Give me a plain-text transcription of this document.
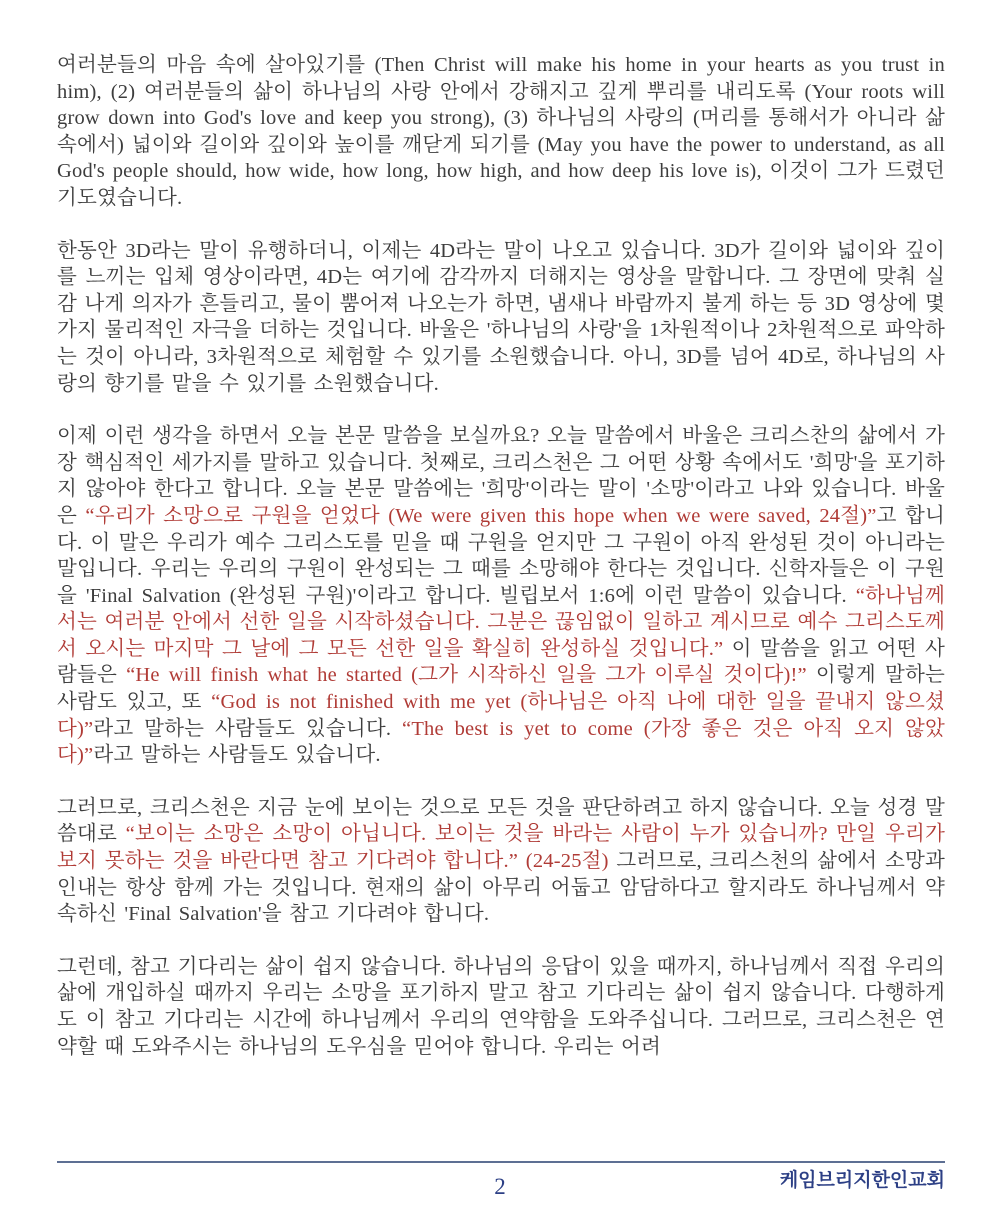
여러분들의 마음 속에 살아있기를 (Then Christ will make his home in your hearts as you trust in him), (2) 여러분들의 삶이 하나님의 사랑 안에서 강해지고 깊게 뿌리를 내리도록 (Your roots will grow down into God's love and keep you strong), (3) 하나님의 사랑의 (머리를 통해서가 아니라 삶 속에서) 넓이와 길이와 깊이와 높이를 깨닫게 되기를 (May you have the power to understand, as all God's people should, how wide, how long, how high, and how deep his love is), 이것이 그가 드렸던 기도였습니다.

한동안 3D라는 말이 유행하더니, 이제는 4D라는 말이 나오고 있습니다. 3D가 길이와 넓이와 깊이를 느끼는 입체 영상이라면, 4D는 여기에 감각까지 더해지는 영상을 말합니다. 그 장면에 맞춰 실감 나게 의자가 흔들리고, 물이 뿜어져 나오는가 하면, 냄새나 바람까지 불게 하는 등 3D 영상에 몇 가지 물리적인 자극을 더하는 것입니다. 바울은 '하나님의 사랑'을 1차원적이나 2차원적으로 파악하는 것이 아니라, 3차원적으로 체험할 수 있기를 소원했습니다. 아니, 3D를 넘어 4D로, 하나님의 사랑의 향기를 맡을 수 있기를 소원했습니다.

이제 이런 생각을 하면서 오늘 본문 말씀을 보실까요? 오늘 말씀에서 바울은 크리스찬의 삶에서 가장 핵심적인 세가지를 말하고 있습니다. 첫째로, 크리스천은 그 어떤 상황 속에서도 '희망'을 포기하지 않아야 한다고 합니다. 오늘 본문 말씀에는 '희망'이라는 말이 '소망'이라고 나와 있습니다. 바울은 “우리가 소망으로 구원을 얻었다 (We were given this hope when we were saved, 24절)”고 합니다. 이 말은 우리가 예수 그리스도를 믿을 때 구원을 얻지만 그 구원이 아직 완성된 것이 아니라는 말입니다. 우리는 우리의 구원이 완성되는 그 때를 소망해야 한다는 것입니다. 신학자들은 이 구원을 'Final Salvation (완성된 구원)'이라고 합니다. 빌립보서 1:6에 이런 말씀이 있습니다. “하나님께서는 여러분 안에서 선한 일을 시작하셨습니다. 그분은 끊임없이 일하고 계시므로 예수 그리스도께서 오시는 마지막 그 날에 그 모든 선한 일을 확실히 완성하실 것입니다.” 이 말씀을 읽고 어떤 사람들은 “He will finish what he started (그가 시작하신 일을 그가 이루실 것이다)!” 이렇게 말하는 사람도 있고, 또 “God is not finished with me yet (하나님은 아직 나에 대한 일을 끝내지 않으셨다)”라고 말하는 사람들도 있습니다. “The best is yet to come (가장 좋은 것은 아직 오지 않았다)”라고 말하는 사람들도 있습니다.

그러므로, 크리스천은 지금 눈에 보이는 것으로 모든 것을 판단하려고 하지 않습니다. 오늘 성경 말씀대로 “보이는 소망은 소망이 아닙니다. 보이는 것을 바라는 사람이 누가 있습니까? 만일 우리가 보지 못하는 것을 바란다면 참고 기다려야 합니다.” (24-25절) 그러므로, 크리스천의 삶에서 소망과 인내는 항상 함께 가는 것입니다. 현재의 삶이 아무리 어둡고 암담하다고 할지라도 하나님께서 약속하신 'Final Salvation'을 참고 기다려야 합니다.

그런데, 참고 기다리는 삶이 쉽지 않습니다. 하나님의 응답이 있을 때까지, 하나님께서 직접 우리의 삶에 개입하실 때까지 우리는 소망을 포기하지 말고 참고 기다리는 삶이 쉽지 않습니다. 다행하게도 이 참고 기다리는 시간에 하나님께서 우리의 연약함을 도와주십니다. 그러므로, 크리스천은 연약할 때 도와주시는 하나님의 도우심을 믿어야 합니다. 우리는 어려

케임브리지한인교회
2
